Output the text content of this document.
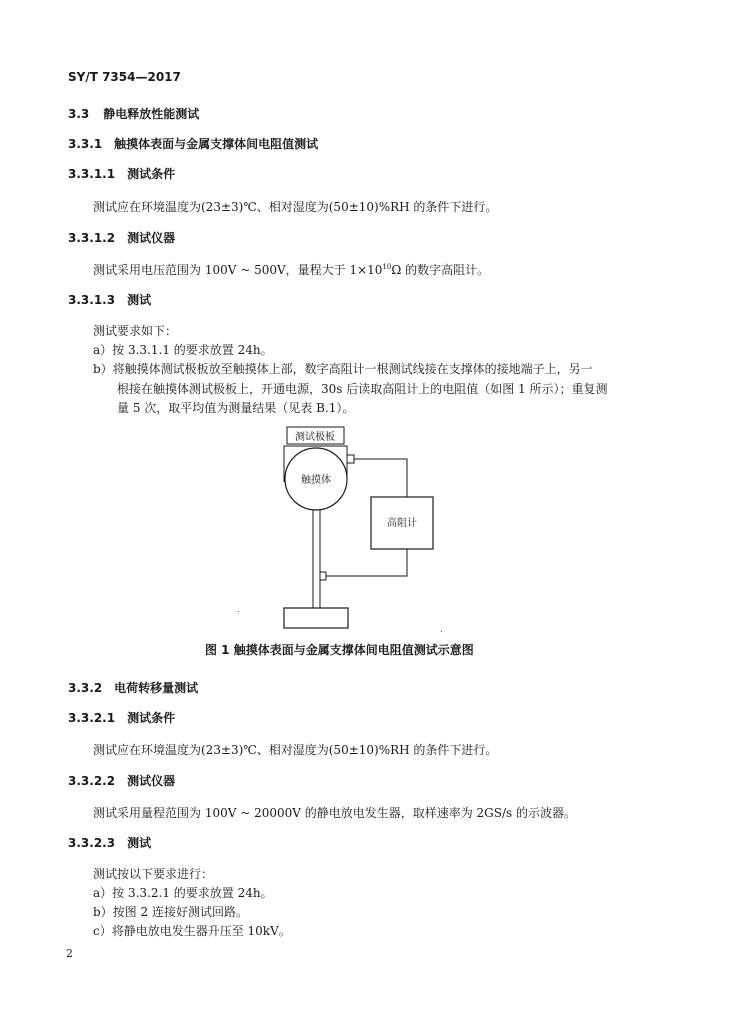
SY/T 7354—2017
3.3 静电释放性能测试
3.3.1 触摸体表面与金属支撑体间电阻值测试
3.3.1.1 测试条件
测试应在环境温度为(23±3)℃、相对湿度为(50±10)%RH 的条件下进行。
3.3.1.2 测试仪器
测试采用电压范围为 100V ~ 500V，量程大于 $1\times 10^{10}\Omega$ 的数字高阻计。
3.3.1.3 测试
测试要求如下：
a）按 3.3.1.1 的要求放置 24h。
b）将触摸体测试极板放至触摸体上部，数字高阻计一根测试线接在支撑体的接地端子上，另一
根接在触摸体测试极板上，开通电源，30s 后读取高阻计上的电阻值（如图 1 所示）；重复测
量 5 次，取平均值为测量结果（见表 B.1）。
测试极板
触摸体
高阻计
图 1 触摸体表面与金属支撑体间电阻值测试示意图
3.3.2 电荷转移量测试
3.3.2.1 测试条件
测试应在环境温度为(23±3)℃、相对湿度为(50±10)%RH 的条件下进行。
3.3.2.2 测试仪器
测试采用量程范围为 100V ~ 20000V 的静电放电发生器，取样速率为 2GS/s 的示波器。
3.3.2.3 测试
测试按以下要求进行：
a）按 3.3.2.1 的要求放置 24h。
b）按图 2 连接好测试回路。
c）将静电放电发生器升压至 10kV。
2
